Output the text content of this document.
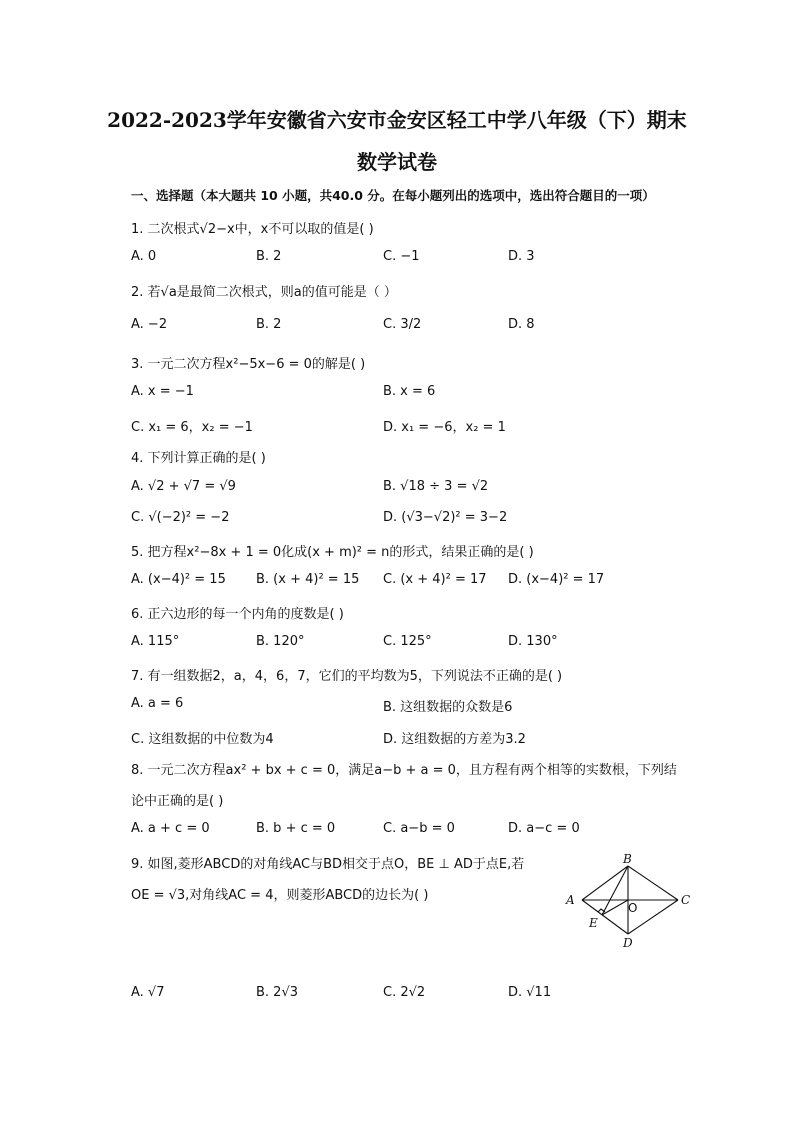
2022-2023学年安徽省六安市金安区轻工中学八年级（下）期末
数学试卷
一、选择题（本大题共 10 小题，共40.0 分。在每小题列出的选项中，选出符合题目的一项）
1. 二次根式√2−x中，x不可以取的值是( )
A. 0	B. 2	C. −1	D. 3
2. 若√a是最简二次根式，则a的值可能是（ ）
A. −2	B. 2	C. 3/2	D. 8
3. 一元二次方程x²−5x−6 = 0的解是( )
A. x = −1	B. x = 6
C. x₁ = 6，x₂ = −1	D. x₁ = −6，x₂ = 1
4. 下列计算正确的是( )
A. √2 + √7 = √9	B. √18 ÷ 3 = √2
C. √(−2)² = −2	D. (√3−√2)² = 3−2
5. 把方程x²−8x + 1 = 0化成(x + m)² = n的形式，结果正确的是( )
A. (x−4)² = 15 B. (x + 4)² = 15 C. (x + 4)² = 17 D. (x−4)² = 17
6. 正六边形的每一个内角的度数是( )
A. 115°	B. 120°	C. 125°	D. 130°
7. 有一组数据2，a，4，6，7，它们的平均数为5，下列说法不正确的是( )
A. a = 6	B. 这组数据的众数是6
C. 这组数据的中位数为4	D. 这组数据的方差为3.2
8. 一元二次方程ax² + bx + c = 0，满足a−b + a = 0，且方程有两个相等的实数根，下列结
论中正确的是( )
A. a + c = 0	B. b + c = 0	C. a−b = 0	D. a−c = 0
9. 如图,菱形ABCD的对角线AC与BD相交于点O，BE ⊥ AD于点E,若
OE = √3,对角线AC = 4，则菱形ABCD的边长为( )	A
B
C
D
E
O
A. √7	B. 2√3	C. 2√2	D. √11
